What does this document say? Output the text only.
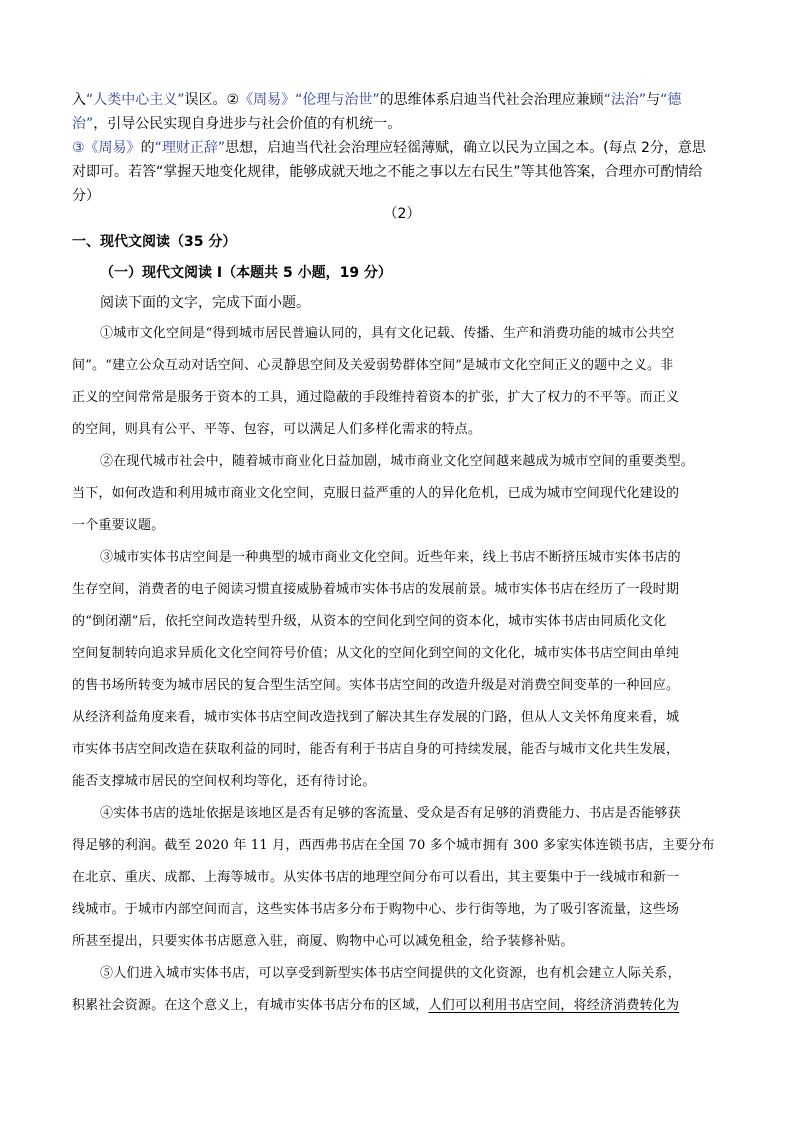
入“人类中心主义”误区。②《周易》“伦理与治世”的思维体系启迪当代社会治理应兼顾“法治”与“德
治”，引导公民实现自身进步与社会价值的有机统一。
③《周易》的“理财正辞”思想，启迪当代社会治理应轻徭薄赋，确立以民为立国之本。(每点 2分，意思
对即可。若答“掌握天地变化规律，能够成就天地之不能之事以左右民生”等其他答案，合理亦可酌情给
分）
（2）
一、现代文阅读（35 分）
（一）现代文阅读 I（本题共 5 小题，19 分）
阅读下面的文字，完成下面小题。
①城市文化空间是“得到城市居民普遍认同的，具有文化记载、传播、生产和消费功能的城市公共空
间”。“建立公众互动对话空间、心灵静思空间及关爱弱势群体空间”是城市文化空间正义的题中之义。非
正义的空间常常是服务于资本的工具，通过隐蔽的手段维持着资本的扩张，扩大了权力的不平等。而正义
的空间，则具有公平、平等、包容，可以满足人们多样化需求的特点。
②在现代城市社会中，随着城市商业化日益加剧，城市商业文化空间越来越成为城市空间的重要类型。
当下，如何改造和利用城市商业文化空间，克服日益严重的人的异化危机，已成为城市空间现代化建设的
一个重要议题。
③城市实体书店空间是一种典型的城市商业文化空间。近些年来，线上书店不断挤压城市实体书店的
生存空间，消费者的电子阅读习惯直接威胁着城市实体书店的发展前景。城市实体书店在经历了一段时期
的“倒闭潮”后，依托空间改造转型升级，从资本的空间化到空间的资本化，城市实体书店由同质化文化
空间复制转向追求异质化文化空间符号价值；从文化的空间化到空间的文化化，城市实体书店空间由单纯
的售书场所转变为城市居民的复合型生活空间。实体书店空间的改造升级是对消费空间变革的一种回应。
从经济利益角度来看，城市实体书店空间改造找到了解决其生存发展的门路，但从人文关怀角度来看，城
市实体书店空间改造在获取利益的同时，能否有利于书店自身的可持续发展，能否与城市文化共生发展，
能否支撑城市居民的空间权利均等化，还有待讨论。
④实体书店的选址依据是该地区是否有足够的客流量、受众是否有足够的消费能力、书店是否能够获
得足够的利润。截至 2020 年 11 月，西西弗书店在全国 70 多个城市拥有 300 多家实体连锁书店，主要分布
在北京、重庆、成都、上海等城市。从实体书店的地理空间分布可以看出，其主要集中于一线城市和新一
线城市。于城市内部空间而言，这些实体书店多分布于购物中心、步行街等地，为了吸引客流量，这些场
所甚至提出，只要实体书店愿意入驻，商厦、购物中心可以减免租金，给予装修补贴。
⑤人们进入城市实体书店，可以享受到新型实体书店空间提供的文化资源，也有机会建立人际关系，
积累社会资源。在这个意义上，有城市实体书店分布的区域，人们可以利用书店空间，将经济消费转化为
